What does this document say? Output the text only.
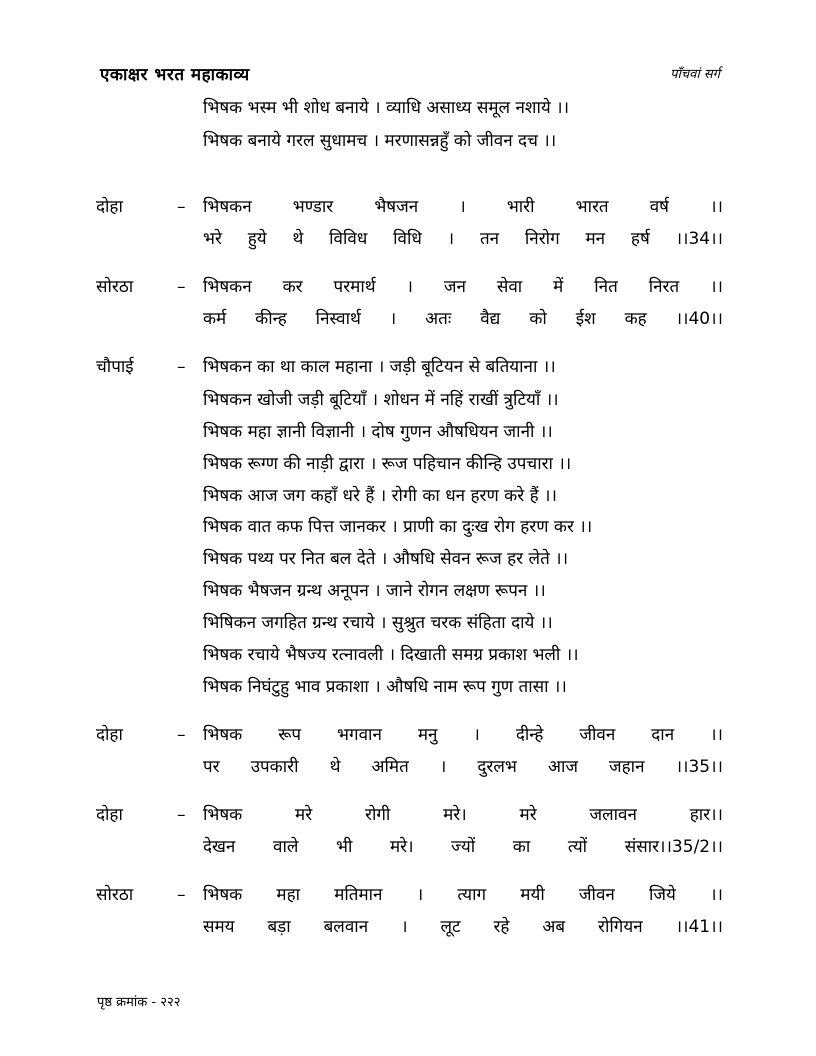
एकाक्षर भरत महाकाव्य	पाँचवां सर्ग
भिषक भस्म भी शोध बनाये । व्याधि असाध्य समूल नशाये ।।
भिषक बनाये गरल सुधामच । मरणासन्नहुँ को जीवन दच ।।
दोहा	– भिषकन भण्डार भैषजन । भारी भारत वर्ष ।।
भरे हुये थे विविध विधि । तन निरोग मन हर्ष ।।34।।
सोरठा	– भिषकन कर परमार्थ । जन सेवा में नित निरत ।।
कर्म कीन्ह निस्वार्थ । अतः वैद्य को ईश कह ।।40।।
चौपाई	– भिषकन का था काल महाना । जड़ी बूटियन से बतियाना ।।
भिषकन खोजी जड़ी बूटियाँ । शोधन में नहिं राखीं त्रुटियाँ ।।
भिषक महा ज्ञानी विज्ञानी । दोष गुणन औषधियन जानी ।।
भिषक रूग्ण की नाड़ी द्वारा । रूज पहिचान कीन्हि उपचारा ।।
भिषक आज जग कहाँ धरे हैं । रोगी का धन हरण करे हैं ।।
भिषक वात कफ पित्त जानकर । प्राणी का दुःख रोग हरण कर ।।
भिषक पथ्य पर नित बल देते । औषधि सेवन रूज हर लेते ।।
भिषक भैषजन ग्रन्थ अनूपन । जाने रोगन लक्षण रूपन ।।
भिषिकन जगहित ग्रन्थ रचाये । सुश्रुत चरक संहिता दाये ।।
भिषक रचाये भैषज्य रत्नावली । दिखाती समग्र प्रकाश भली ।।
भिषक निघंटुहु भाव प्रकाशा । औषधि नाम रूप गुण तासा ।।
दोहा	– भिषक रूप भगवान मनु । दीन्हे जीवन दान ।।
पर उपकारी थे अमित । दुरलभ आज जहान ।।35।।
दोहा	– भिषक मरे रोगी मरे। मरे जलावन हार।।
देखन वाले भी मरे। ज्यों का त्यों संसार।।35/2।।
सोरठा	– भिषक महा मतिमान । त्याग मयी जीवन जिये ।।
समय बड़ा बलवान । लूट रहे अब रोगियन ।।41।।
पृष्ठ क्रमांक - २२२
